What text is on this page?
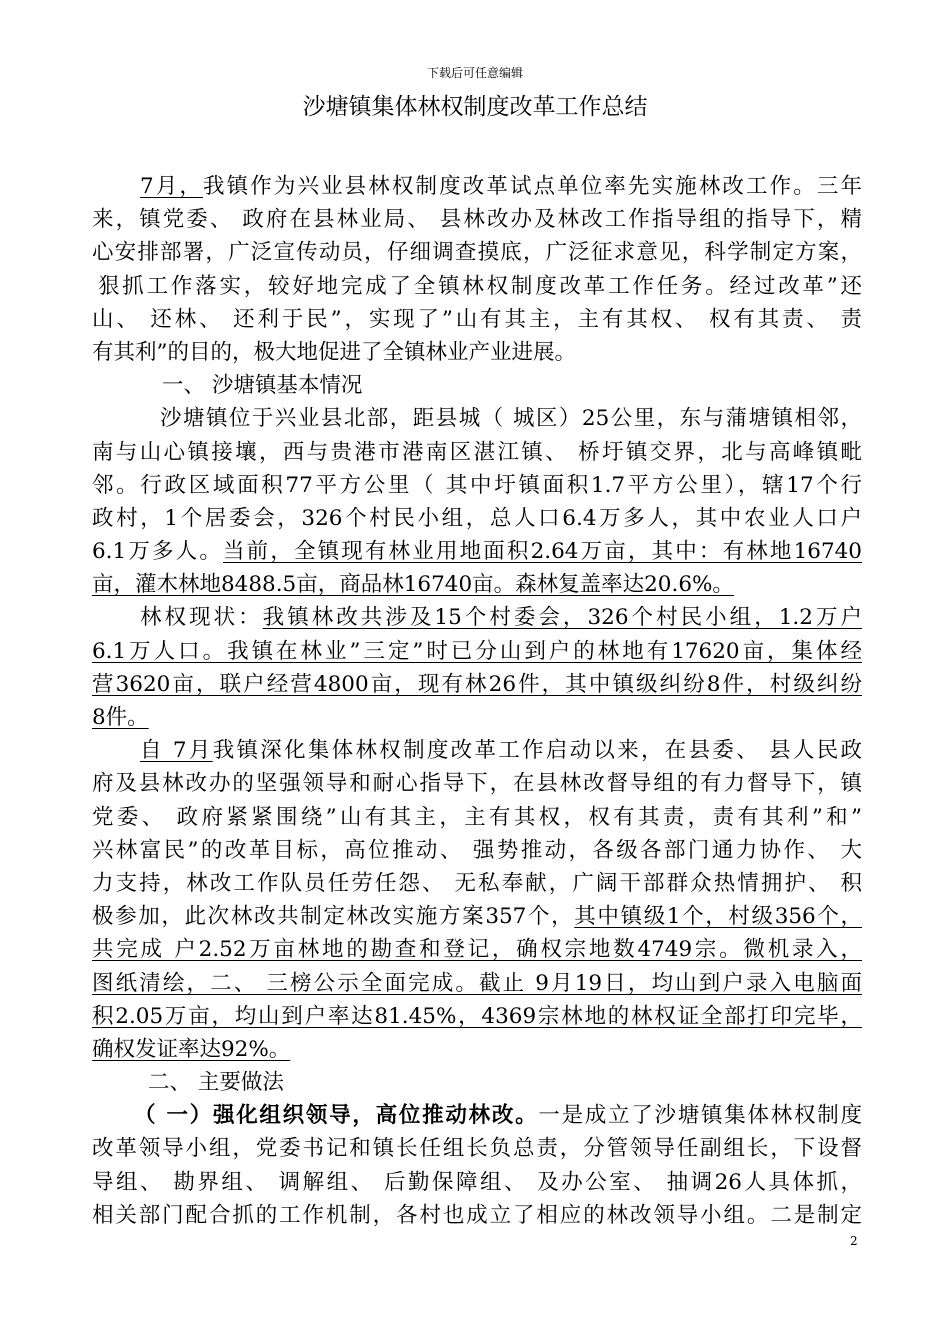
下载后可任意编辑
沙塘镇集体林权制度改革工作总结
7月，我镇作为兴业县林权制度改革试点单位率先实施林改工作。三年
来，镇党委、 政府在县林业局、 县林改办及林改工作指导组的指导下，精
心安排部署，广泛宣传动员，仔细调查摸底，广泛征求意见，科学制定方案，
狠抓工作落实，较好地完成了全镇林权制度改革工作任务。经过改革”还
山、 还林、 还利于民”，实现了”山有其主，主有其权、 权有其责、 责
有其利”的目的，极大地促进了全镇林业产业进展。
一、 沙塘镇基本情况
沙塘镇位于兴业县北部，距县城（ 城区）25公里，东与蒲塘镇相邻，
南与山心镇接壤，西与贵港市港南区湛江镇、 桥圩镇交界，北与高峰镇毗
邻。行政区域面积77平方公里（ 其中圩镇面积1.7平方公里），辖17个行
政村，1个居委会，326个村民小组，总人口6.4万多人，其中农业人口户
6.1万多人。当前，全镇现有林业用地面积2.64万亩，其中：有林地16740
亩，灌木林地8488.5亩，商品林16740亩。森林复盖率达20.6%。
林权现状：我镇林改共涉及15个村委会，326个村民小组，1.2万户
6.1万人口。我镇在林业”三定”时已分山到户的林地有17620亩，集体经
营3620亩，联户经营4800亩，现有林26件，其中镇级纠纷8件，村级纠纷
8件。
自 7月我镇深化集体林权制度改革工作启动以来，在县委、 县人民政
府及县林改办的坚强领导和耐心指导下，在县林改督导组的有力督导下，镇
党委、 政府紧紧围绕”山有其主，主有其权，权有其责，责有其利”和”
兴林富民”的改革目标，高位推动、 强势推动，各级各部门通力协作、 大
力支持，林改工作队员任劳任怨、 无私奉献，广阔干部群众热情拥护、 积
极参加，此次林改共制定林改实施方案357个，其中镇级1个，村级356个，
共完成 户2.52万亩林地的勘查和登记，确权宗地数4749宗。微机录入，
图纸清绘，二、 三榜公示全面完成。截止 9月19日，均山到户录入电脑面
积2.05万亩，均山到户率达81.45%，4369宗林地的林权证全部打印完毕，
确权发证率达92%。
二、 主要做法
（ 一）强化组织领导，高位推动林改。一是成立了沙塘镇集体林权制度
改革领导小组，党委书记和镇长任组长负总责，分管领导任副组长，下设督
导组、 勘界组、 调解组、 后勤保障组、 及办公室、 抽调26人具体抓，
相关部门配合抓的工作机制，各村也成立了相应的林改领导小组。二是制定
2
